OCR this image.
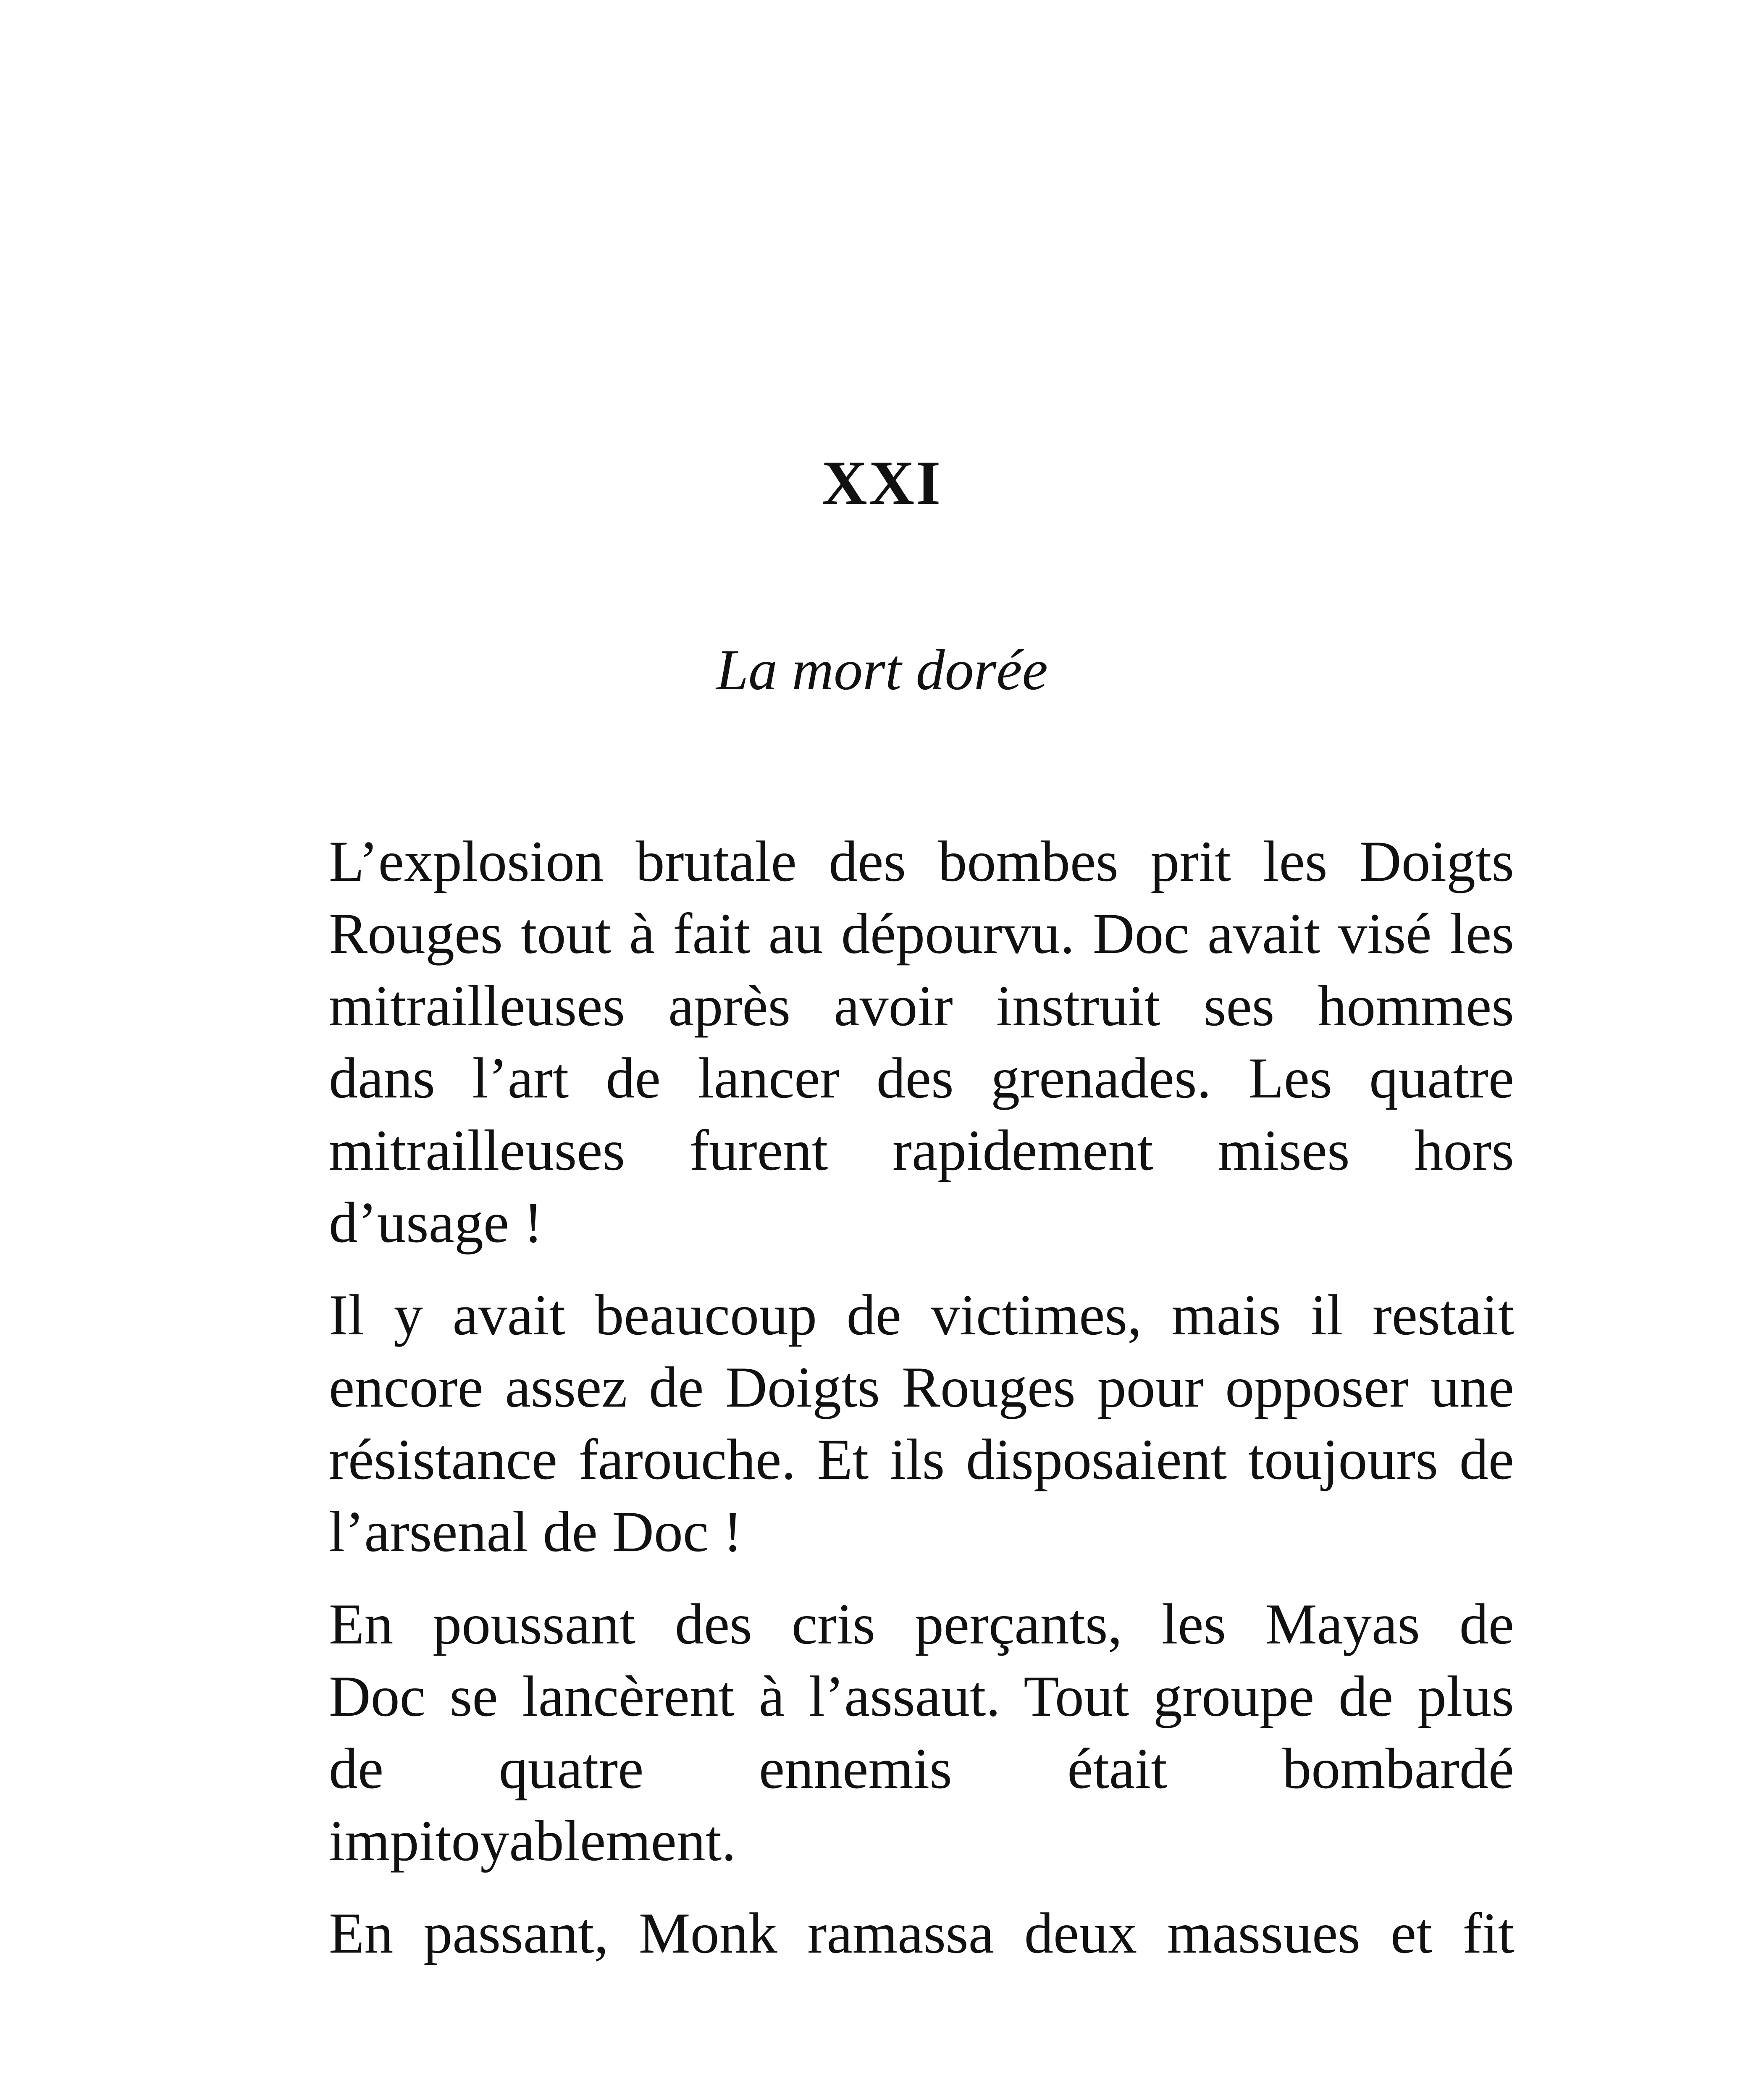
XXI
La mort dorée

L’explosion brutale des bombes prit les Doigts
Rouges tout à fait au dépourvu. Doc avait visé les
mitrailleuses après avoir instruit ses hommes
dans l’art de lancer des grenades. Les quatre
mitrailleuses furent rapidement mises hors
d’usage !

Il y avait beaucoup de victimes, mais il restait
encore assez de Doigts Rouges pour opposer une
résistance farouche. Et ils disposaient toujours de
l’arsenal de Doc !

En poussant des cris perçants, les Mayas de
Doc se lancèrent à l’assaut. Tout groupe de plus
de quatre ennemis était bombardé
impitoyablement.

En passant, Monk ramassa deux massues et fit
